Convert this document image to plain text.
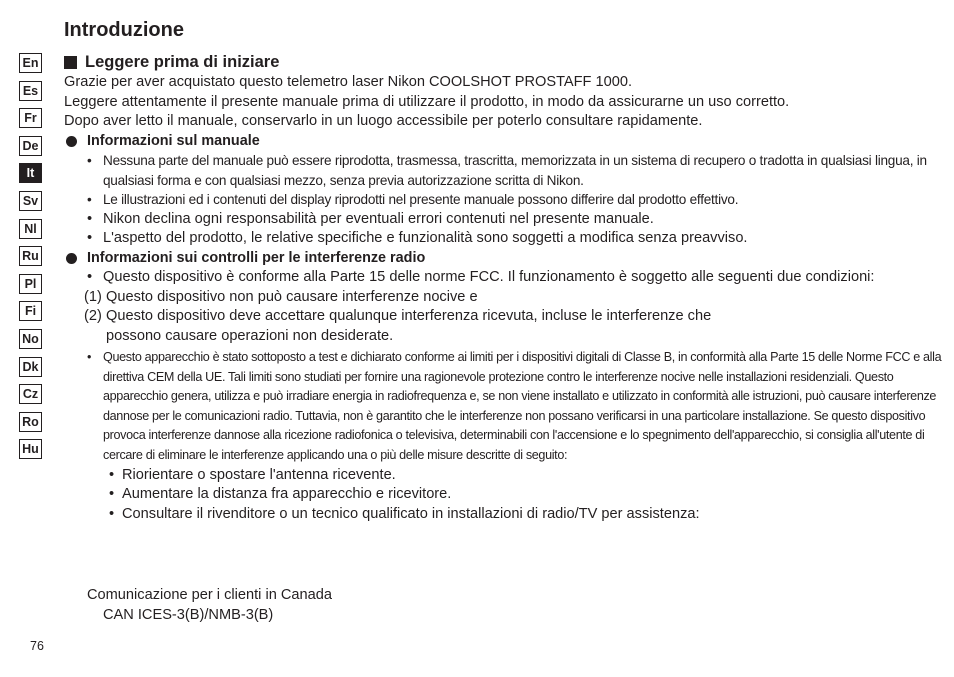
Introduzione
En
Es
Fr
De
It
Sv
Nl
Ru
Pl
Fi
No
Dk
Cz
Ro
Hu
Leggere prima di iniziare

Grazie per aver acquistato questo telemetro laser Nikon COOLSHOT PROSTAFF 1000.

Leggere attentamente il presente manuale prima di utilizzare il prodotto, in modo da assicurarne un uso corretto.

Dopo aver letto il manuale, conservarlo in un luogo accessibile per poterlo consultare rapidamente.

Informazioni sul manuale
• Nessuna parte del manuale può essere riprodotta, trasmessa, trascritta, memorizzata in un sistema di recupero o tradotta in qualsiasi lingua, in qualsiasi forma e con qualsiasi mezzo, senza previa autorizzazione scritta di Nikon.
• Le illustrazioni ed i contenuti del display riprodotti nel presente manuale possono differire dal prodotto effettivo.
• Nikon declina ogni responsabilità per eventuali errori contenuti nel presente manuale.
• L'aspetto del prodotto, le relative specifiche e funzionalità sono soggetti a modifica senza preavviso.
Informazioni sui controlli per le interferenze radio
• Questo dispositivo è conforme alla Parte 15 delle norme FCC. Il funzionamento è soggetto alle seguenti due condizioni:
(1) Questo dispositivo non può causare interferenze nocive e
(2) Questo dispositivo deve accettare qualunque interferenza ricevuta, incluse le interferenze che
possono causare operazioni non desiderate.
• Questo apparecchio è stato sottoposto a test e dichiarato conforme ai limiti per i dispositivi digitali di Classe B, in conformità alla Parte 15 delle Norme FCC e alla direttiva CEM della UE. Tali limiti sono studiati per fornire una ragionevole protezione contro le interferenze nocive nelle installazioni residenziali. Questo apparecchio genera, utilizza e può irradiare energia in radiofrequenza e, se non viene installato e utilizzato in conformità alle istruzioni, può causare interferenze dannose per le comunicazioni radio. Tuttavia, non è garantito che le interferenze non possano verificarsi in una particolare installazione. Se questo dispositivo provoca interferenze dannose alla ricezione radiofonica o televisiva, determinabili con l'accensione e lo spegnimento dell'apparecchio, si consiglia all'utente di cercare di eliminare le interferenze applicando una o più delle misure descritte di seguito:
• Riorientare o spostare l'antenna ricevente.
• Aumentare la distanza fra apparecchio e ricevitore.
• Consultare il rivenditore o un tecnico qualificato in installazioni di radio/TV per assistenza:
Comunicazione per i clienti in Canada
CAN ICES-3(B)/NMB-3(B)
76
